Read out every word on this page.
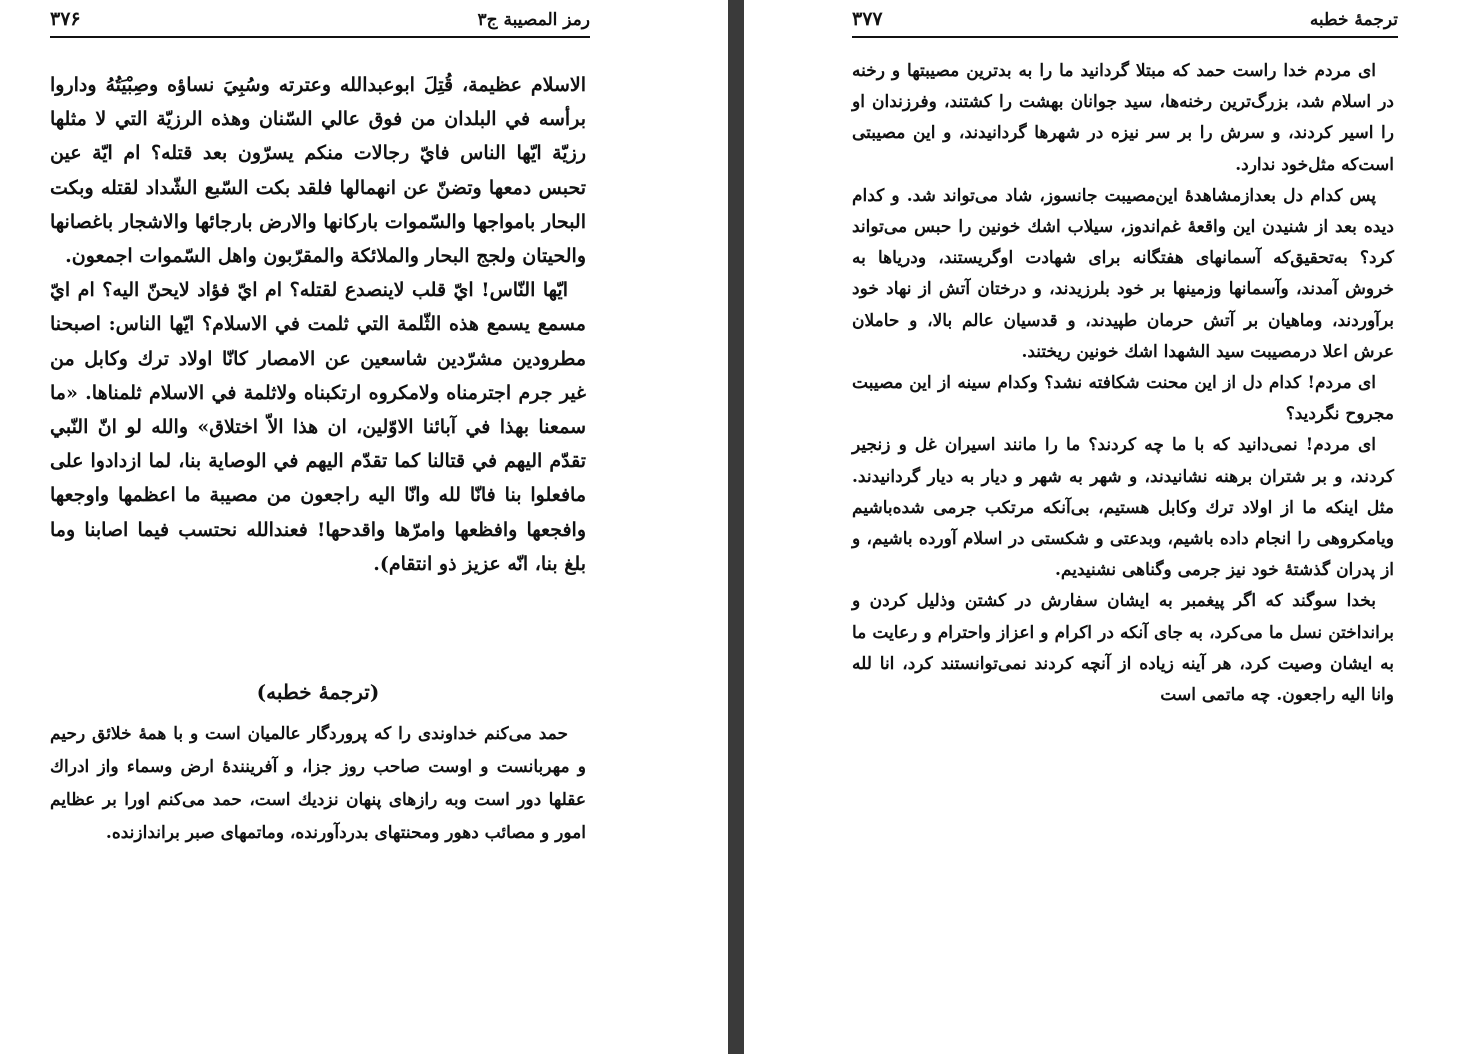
رمز المصيبة ج۳
۳۷۶

الاسلام عظيمة، قُتِلَ ابوعبدالله وعترته وسُبِيَ نساؤه وصِبْيَتُهُ وداروا برأسه في البلدان من فوق عالي السّنان وهذه الرزيّة التي لا مثلها رزيّة ايّها الناس فايّ رجالات منكم يسرّون بعد قتله؟ ام ايّة عين تحبس دمعها وتضنّ عن انهمالها فلقد بكت السّبع الشّداد لقتله وبكت البحار بامواجها والسّموات باركانها والارض بارجائها والاشجار باغصانها والحيتان ولجج البحار والملائكة والمقرّبون واهل السّموات اجمعون.

ايّها النّاس! ايّ قلب لاينصدع لقتله؟ ام ايّ فؤاد لايحنّ اليه؟ ام ايّ مسمع يسمع هذه الثّلمة التي ثلمت في الاسلام؟ ايّها الناس: اصبحنا مطرودين مشرّدين شاسعين عن الامصار كانّا اولاد ترك وكابل من غير جرم اجترمناه ولامكروه ارتكبناه ولاثلمة في الاسلام ثلمناها. «ما سمعنا بهذا في آبائنا الاوّلين، ان هذا الاّ اختلاق» والله لو انّ النّبي تقدّم اليهم في قتالنا كما تقدّم اليهم في الوصاية بنا، لما ازدادوا على مافعلوا بنا فانّا لله وانّا اليه راجعون من مصيبة ما اعظمها واوجعها وافجعها وافظعها وامرّها واقدحها! فعندالله نحتسب فيما اصابنا وما بلغ بنا، انّه عزيز ذو انتقام).

(ترجمهٔ خطبه)

حمد می‌کنم خداوندی را که پروردگار عالمیان است و با همهٔ خلائق رحیم و مهربانست و اوست صاحب روز جزا، و آفرینندهٔ ارض وسماء واز ادراك عقلها دور است وبه رازهای پنهان نزدیك است، حمد می‌کنم اورا بر عظایم امور و مصائب دهور ومحنتهای بدردآورنده، وماتمهای صبر براندازنده.

ترجمهٔ خطبه
۳۷۷

ای مردم خدا راست حمد که مبتلا گردانید ما را به بدترین مصیبتها و رخنه در اسلام شد، بزرگ‌ترین رخنه‌ها، سید جوانان بهشت را کشتند، وفرزندان او را اسیر کردند، و سرش را بر سر نیزه در شهرها گردانیدند، و این مصیبتی است‌که مثل‌خود ندارد.

پس کدام دل بعدازمشاهدهٔ این‌مصیبت جانسوز، شاد می‌تواند شد. و کدام دیده بعد از شنیدن این واقعهٔ غم‌اندوز، سیلاب اشك خونین را حبس می‌تواند کرد؟ به‌تحقیق‌که آسمانهای هفتگانه برای شهادت اوگریستند، ودریاها به خروش آمدند، وآسمانها وزمینها بر خود بلرزیدند، و درختان آتش از نهاد خود برآوردند، وماهیان بر آتش حرمان طپیدند، و قدسیان عالم بالا، و حاملان عرش اعلا درمصیبت سید الشهدا اشك خونین ریختند.

ای مردم! کدام دل از این محنت شکافته نشد؟ وکدام سینه از این مصیبت مجروح نگردید؟

ای مردم! نمی‌دانید که با ما چه کردند؟ ما را مانند اسیران غل و زنجیر کردند، و بر شتران برهنه نشانیدند، و شهر به شهر و دیار به دیار گردانیدند. مثل اینکه ما از اولاد ترك وكابل هستیم، بی‌آنکه مرتکب جرمی شده‌باشیم ویامکروهی را انجام داده باشیم، وبدعتی و شکستی در اسلام آورده باشیم، و از پدران گذشتهٔ خود نیز جرمی وگناهی نشنیدیم.

بخدا سوگند که اگر پیغمبر به ایشان سفارش در کشتن وذلیل کردن و برانداختن نسل ما می‌کرد، به جای آنکه در اکرام و اعزاز واحترام و رعایت ما به ایشان وصیت کرد، هر آینه زیاده از آنچه کردند نمی‌توانستند کرد، انا لله وانا الیه راجعون. چه ماتمی است
